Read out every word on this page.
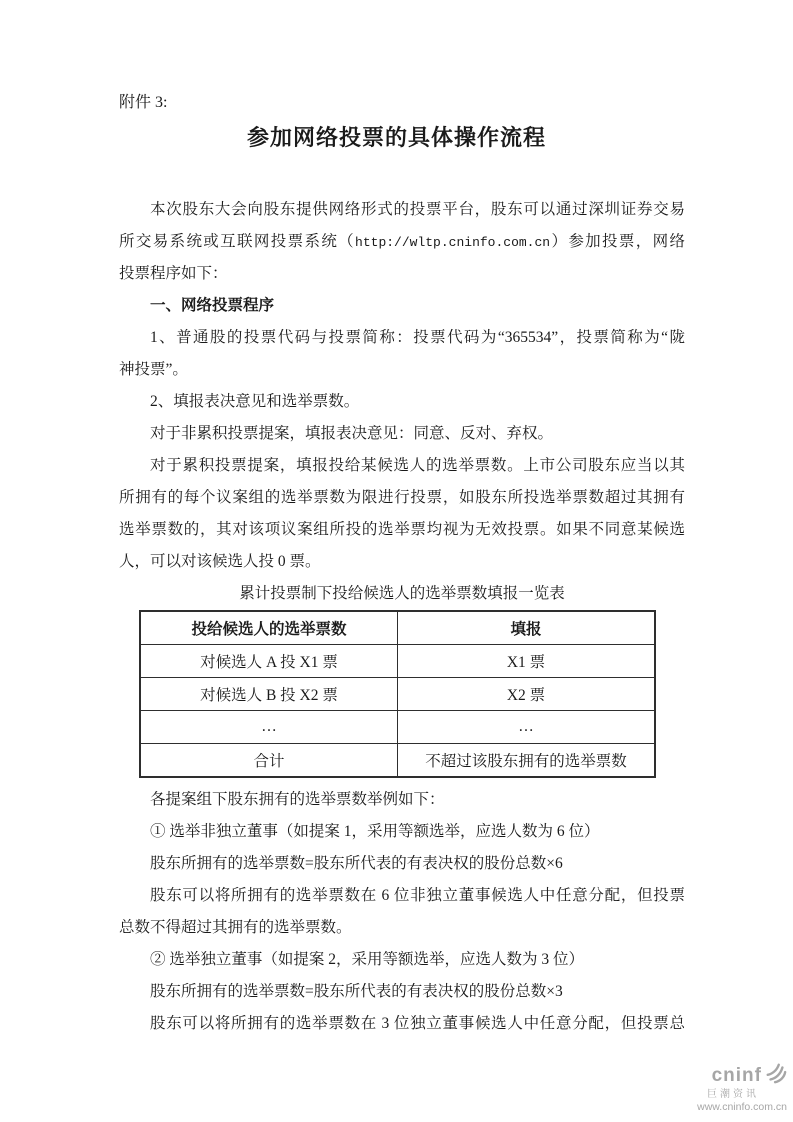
附件 3:
参加网络投票的具体操作流程
本次股东大会向股东提供网络形式的投票平台，股东可以通过深圳证券交易
所交易系统或互联网投票系统（http://wltp.cninfo.com.cn）参加投票，网络
投票程序如下：
一、网络投票程序
1、普通股的投票代码与投票简称：投票代码为“365534”，投票简称为“陇
神投票”。
2、填报表决意见和选举票数。
对于非累积投票提案，填报表决意见：同意、反对、弃权。
对于累积投票提案，填报投给某候选人的选举票数。上市公司股东应当以其
所拥有的每个议案组的选举票数为限进行投票，如股东所投选举票数超过其拥有
选举票数的，其对该项议案组所投的选举票均视为无效投票。如果不同意某候选
人，可以对该候选人投 0 票。
累计投票制下投给候选人的选举票数填报一览表
投给候选人的选举票数	填报
对候选人 A 投 X1 票	X1 票
对候选人 B 投 X2 票	X2 票
…	…
合计	不超过该股东拥有的选举票数
各提案组下股东拥有的选举票数举例如下：
① 选举非独立董事（如提案 1，采用等额选举，应选人数为 6 位）
股东所拥有的选举票数=股东所代表的有表决权的股份总数×6
股东可以将所拥有的选举票数在 6 位非独立董事候选人中任意分配，但投票
总数不得超过其拥有的选举票数。
② 选举独立董事（如提案 2，采用等额选举，应选人数为 3 位）
股东所拥有的选举票数=股东所代表的有表决权的股份总数×3
股东可以将所拥有的选举票数在 3 位独立董事候选人中任意分配，但投票总
cninf
巨潮资讯
www.cninfo.com.cn
